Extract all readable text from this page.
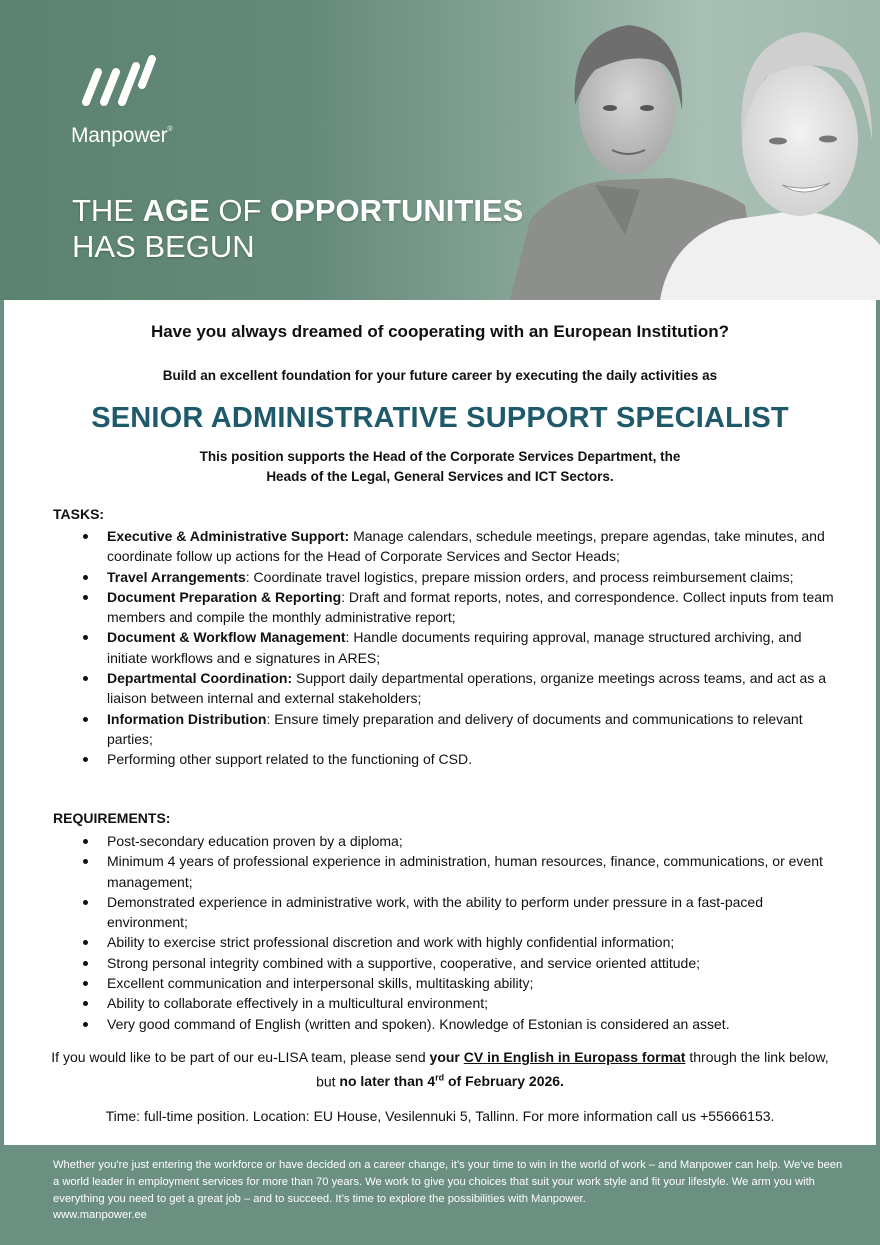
Manpower®
THE AGE OF OPPORTUNITIES
HAS BEGUN
Have you always dreamed of cooperating with an European Institution?
Build an excellent foundation for your future career by executing the daily activities as
SENIOR ADMINISTRATIVE SUPPORT SPECIALIST
This position supports the Head of the Corporate Services Department, the
Heads of the Legal, General Services and ICT Sectors.
TASKS:
Executive & Administrative Support: Manage calendars, schedule meetings, prepare agendas, take minutes, and coordinate follow up actions for the Head of Corporate Services and Sector Heads;
Travel Arrangements: Coordinate travel logistics, prepare mission orders, and process reimbursement claims;
Document Preparation & Reporting: Draft and format reports, notes, and correspondence. Collect inputs from team members and compile the monthly administrative report;
Document & Workflow Management: Handle documents requiring approval, manage structured archiving, and initiate workflows and e signatures in ARES;
Departmental Coordination: Support daily departmental operations, organize meetings across teams, and act as a liaison between internal and external stakeholders;
Information Distribution: Ensure timely preparation and delivery of documents and communications to relevant parties;
Performing other support related to the functioning of CSD.
REQUIREMENTS:
Post-secondary education proven by a diploma;
Minimum 4 years of professional experience in administration, human resources, finance, communications, or event management;
Demonstrated experience in administrative work, with the ability to perform under pressure in a fast-paced environment;
Ability to exercise strict professional discretion and work with highly confidential information;
Strong personal integrity combined with a supportive, cooperative, and service oriented attitude;
Excellent communication and interpersonal skills, multitasking ability;
Ability to collaborate effectively in a multicultural environment;
Very good command of English (written and spoken). Knowledge of Estonian is considered an asset.
If you would like to be part of our eu-LISA team, please send your CV in English in Europass format through the link below, but no later than 4rd of February 2026.
Time: full-time position. Location: EU House, Vesilennuki 5, Tallinn. For more information call us +55666153.
Whether you're just entering the workforce or have decided on a career change, it’s your time to win in the world of work – and Manpower can help. We've been a world leader in employment services for more than 70 years. We work to give you choices that suit your work style and fit your lifestyle. We arm you with everything you need to get a great job – and to succeed. It’s time to explore the possibilities with Manpower.
www.manpower.ee
